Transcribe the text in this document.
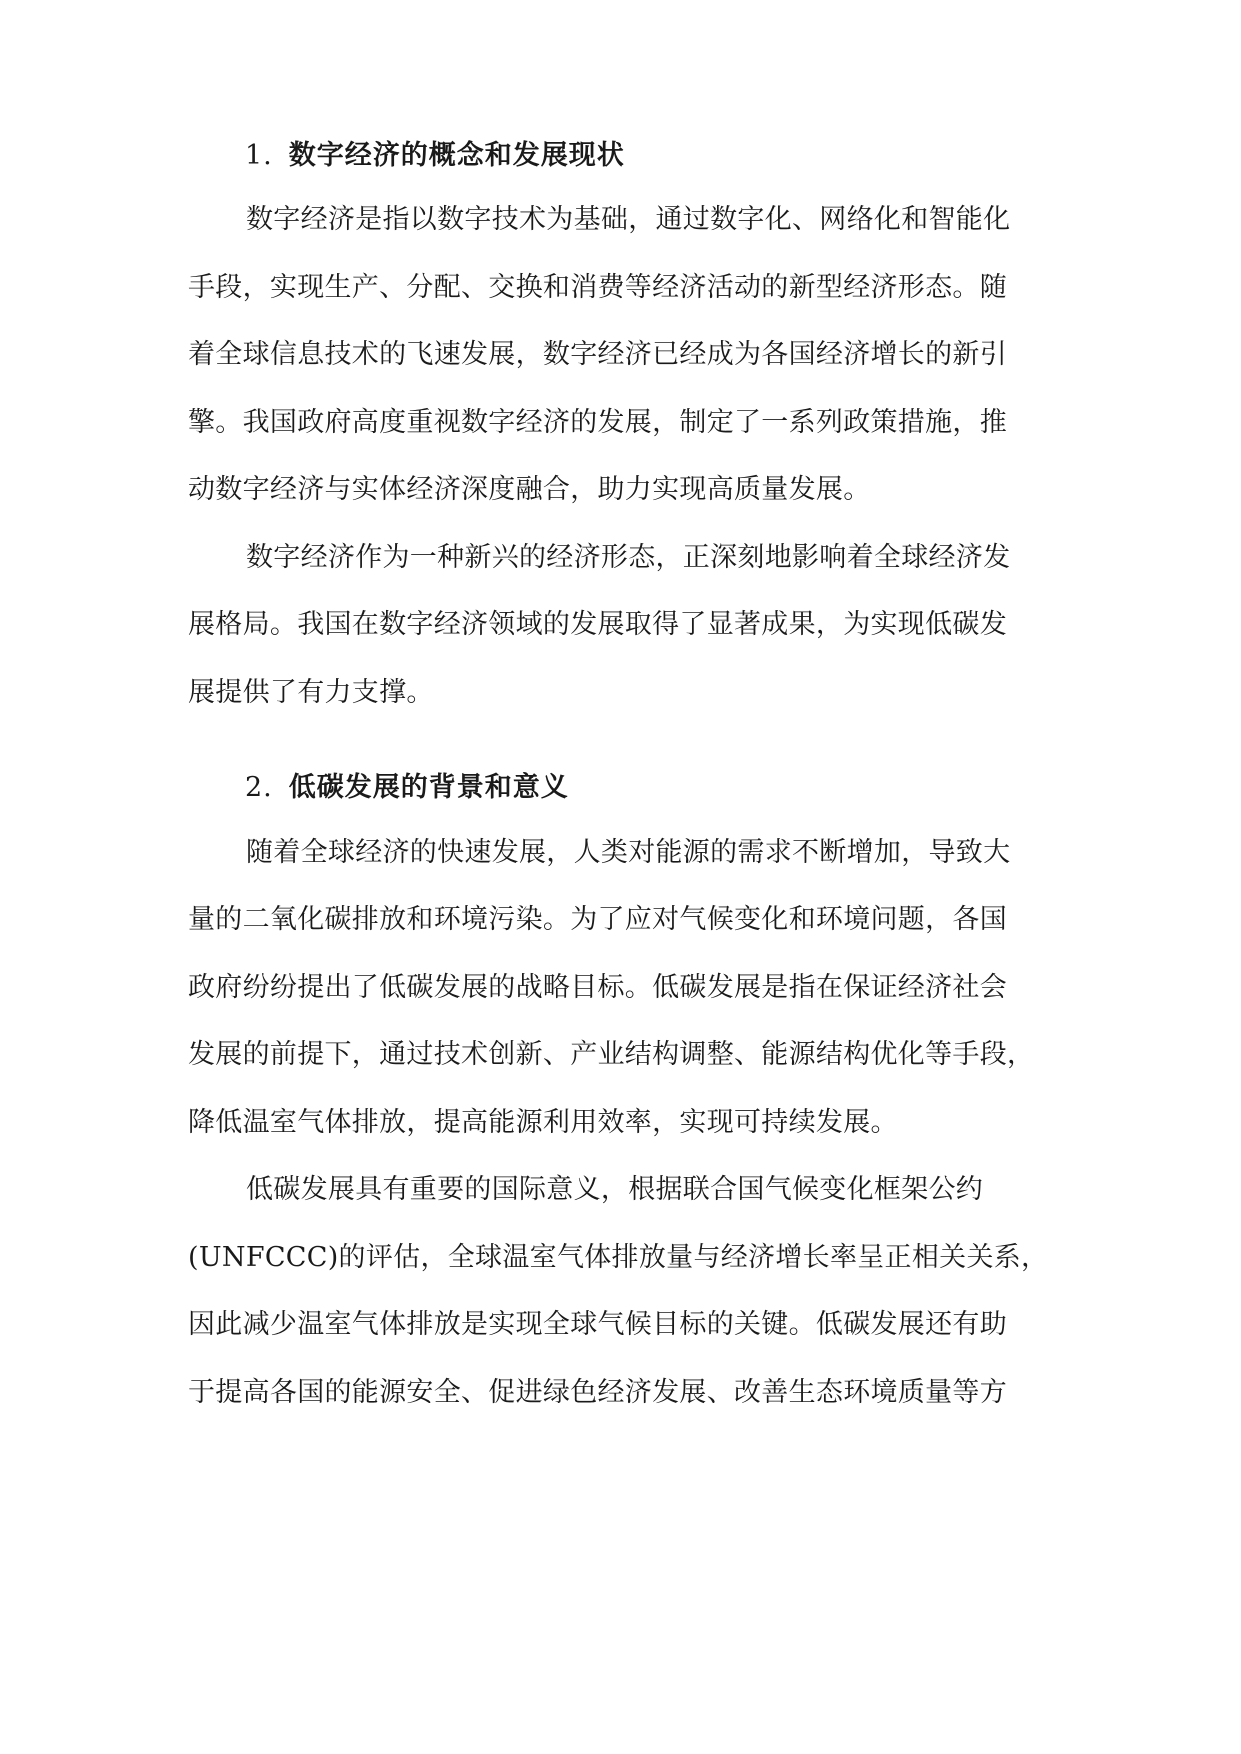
1. 数字经济的概念和发展现状
数字经济是指以数字技术为基础，通过数字化、网络化和智能化
手段，实现生产、分配、交换和消费等经济活动的新型经济形态。随
着全球信息技术的飞速发展，数字经济已经成为各国经济增长的新引
擎。我国政府高度重视数字经济的发展，制定了一系列政策措施，推
动数字经济与实体经济深度融合，助力实现高质量发展。
数字经济作为一种新兴的经济形态，正深刻地影响着全球经济发
展格局。我国在数字经济领域的发展取得了显著成果，为实现低碳发
展提供了有力支撑。
2. 低碳发展的背景和意义
随着全球经济的快速发展，人类对能源的需求不断增加，导致大
量的二氧化碳排放和环境污染。为了应对气候变化和环境问题，各国
政府纷纷提出了低碳发展的战略目标。低碳发展是指在保证经济社会
发展的前提下，通过技术创新、产业结构调整、能源结构优化等手段，
降低温室气体排放，提高能源利用效率，实现可持续发展。
低碳发展具有重要的国际意义，根据联合国气候变化框架公约
(UNFCCC)的评估，全球温室气体排放量与经济增长率呈正相关关系，
因此减少温室气体排放是实现全球气候目标的关键。低碳发展还有助
于提高各国的能源安全、促进绿色经济发展、改善生态环境质量等方
